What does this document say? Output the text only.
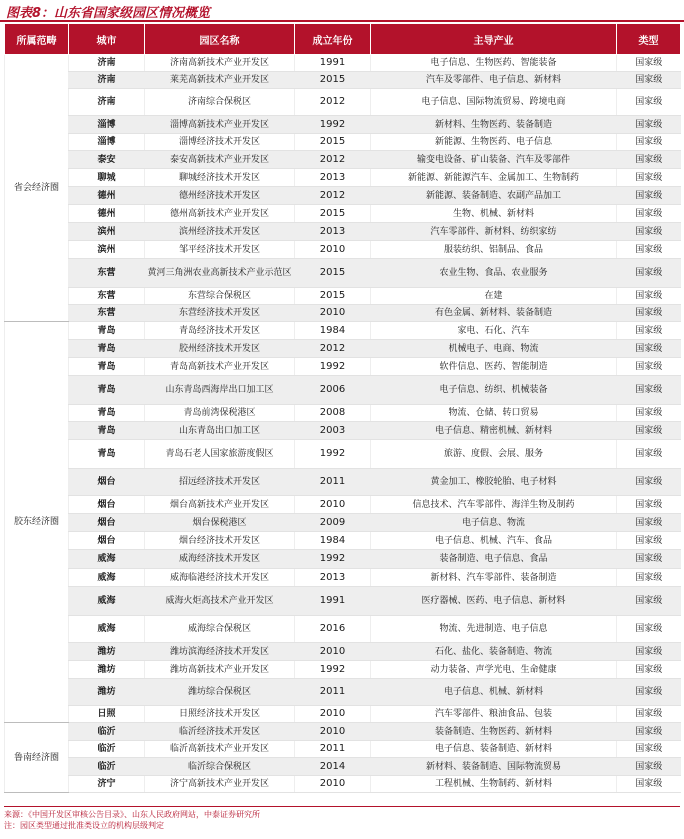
图表8：山东省国家级园区情况概览
所属范畴	城市	园区名称	成立年份	主导产业	类型
省会经济圈	济南	济南高新技术产业开发区	1991	电子信息、生物医药、智能装备	国家级
	济南	莱芜高新技术产业开发区	2015	汽车及零部件、电子信息、新材料	国家级
	济南	济南综合保税区	2012	电子信息、国际物流贸易、跨境电商	国家级
	淄博	淄博高新技术产业开发区	1992	新材料、生物医药、装备制造	国家级
	淄博	淄博经济技术开发区	2015	新能源、生物医药、电子信息	国家级
	泰安	泰安高新技术产业开发区	2012	输变电设备、矿山装备、汽车及零部件	国家级
	聊城	聊城经济技术开发区	2013	新能源、新能源汽车、金属加工、生物制药	国家级
	德州	德州经济技术开发区	2012	新能源、装备制造、农副产品加工	国家级
	德州	德州高新技术产业开发区	2015	生物、机械、新材料	国家级
	滨州	滨州经济技术开发区	2013	汽车零部件、新材料、纺织家纺	国家级
	滨州	邹平经济技术开发区	2010	服装纺织、铝制品、食品	国家级
	东营	黄河三角洲农业高新技术产业示范区	2015	农业生物、食品、农业服务	国家级
	东营	东营综合保税区	2015	在建	国家级
	东营	东营经济技术开发区	2010	有色金属、新材料、装备制造	国家级
胶东经济圈	青岛	青岛经济技术开发区	1984	家电、石化、汽车	国家级
	青岛	胶州经济技术开发区	2012	机械电子、电商、物流	国家级
	青岛	青岛高新技术产业开发区	1992	软件信息、医药、智能制造	国家级
	青岛	山东青岛西海岸出口加工区	2006	电子信息、纺织、机械装备	国家级
	青岛	青岛前湾保税港区	2008	物流、仓储、转口贸易	国家级
	青岛	山东青岛出口加工区	2003	电子信息、精密机械、新材料	国家级
	青岛	青岛石老人国家旅游度假区	1992	旅游、度假、会展、服务	国家级
	烟台	招远经济技术开发区	2011	黄金加工、橡胶轮胎、电子材料	国家级
	烟台	烟台高新技术产业开发区	2010	信息技术、汽车零部件、海洋生物及制药	国家级
	烟台	烟台保税港区	2009	电子信息、物流	国家级
	烟台	烟台经济技术开发区	1984	电子信息、机械、汽车、食品	国家级
	威海	威海经济技术开发区	1992	装备制造、电子信息、食品	国家级
	威海	威海临港经济技术开发区	2013	新材料、汽车零部件、装备制造	国家级
	威海	威海火炬高技术产业开发区	1991	医疗器械、医药、电子信息、新材料	国家级
	威海	威海综合保税区	2016	物流、先进制造、电子信息	国家级
	潍坊	潍坊滨海经济技术开发区	2010	石化、盐化、装备制造、物流	国家级
	潍坊	潍坊高新技术产业开发区	1992	动力装备、声学光电、生命健康	国家级
	潍坊	潍坊综合保税区	2011	电子信息、机械、新材料	国家级
	日照	日照经济技术开发区	2010	汽车零部件、粮油食品、包装	国家级
鲁南经济圈	临沂	临沂经济技术开发区	2010	装备制造、生物医药、新材料	国家级
	临沂	临沂高新技术产业开发区	2011	电子信息、装备制造、新材料	国家级
	临沂	临沂综合保税区	2014	新材料、装备制造、国际物流贸易	国家级
	济宁	济宁高新技术产业开发区	2010	工程机械、生物制药、新材料	国家级
来源：《中国开发区审核公告目录》、山东人民政府网站，中泰证券研究所
注：园区类型通过批准类设立的机构层级判定
